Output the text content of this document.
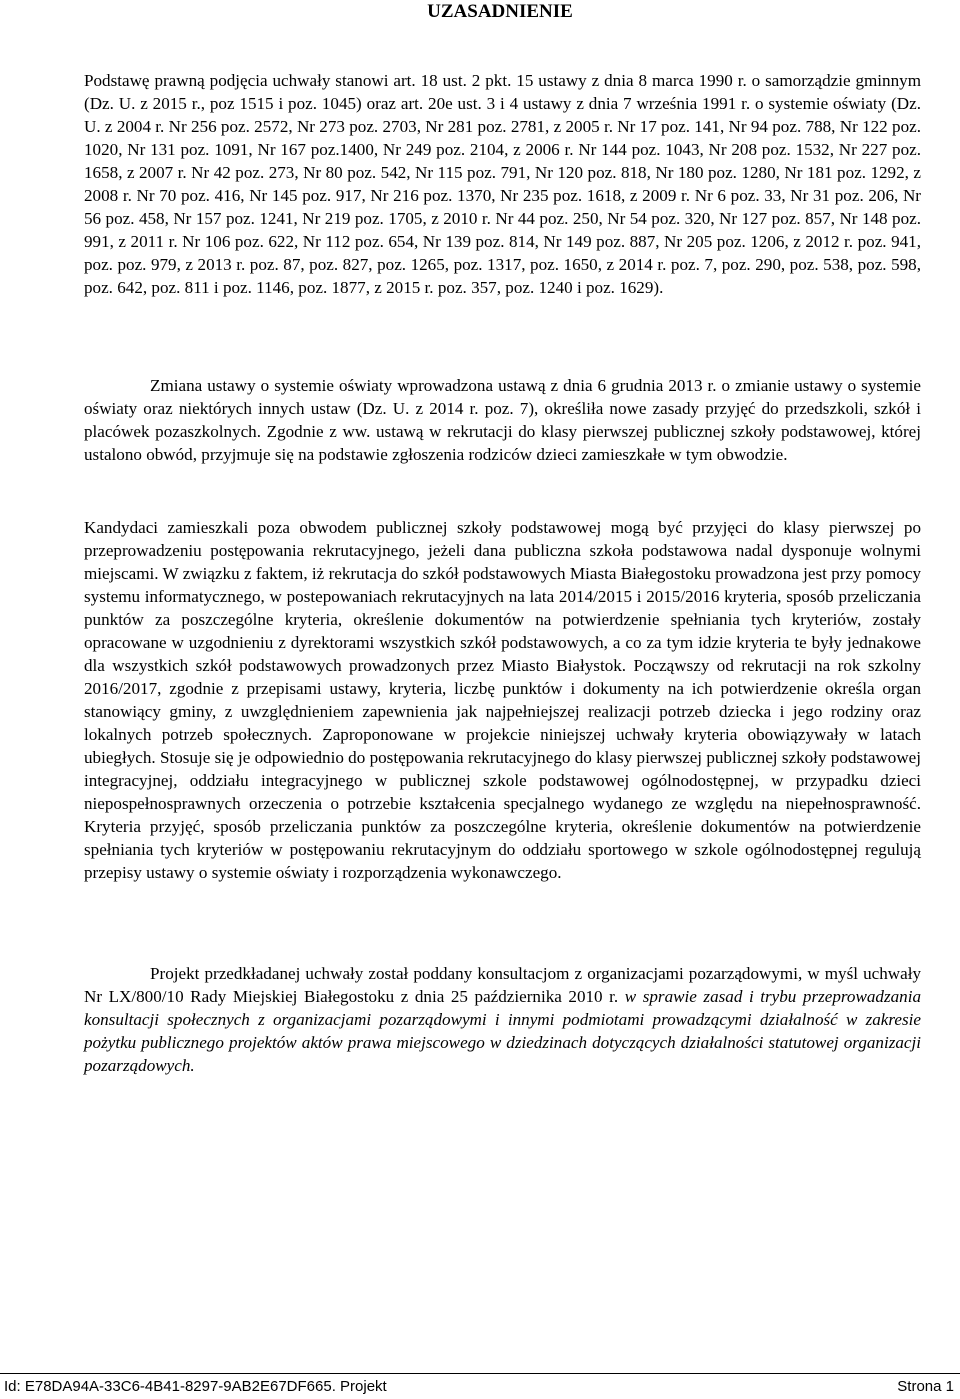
UZASADNIENIE

Podstawę prawną podjęcia uchwały stanowi art. 18 ust. 2 pkt. 15 ustawy z dnia 8 marca 1990 r. o samorządzie gminnym (Dz. U. z 2015 r., poz 1515 i poz. 1045) oraz art. 20e ust. 3 i 4 ustawy z dnia 7 września 1991 r. o systemie oświaty (Dz. U. z 2004 r. Nr 256 poz. 2572, Nr 273 poz. 2703, Nr 281 poz. 2781, z 2005 r. Nr 17 poz. 141, Nr 94 poz. 788, Nr 122 poz. 1020, Nr 131 poz. 1091, Nr 167 poz.1400, Nr 249 poz. 2104, z 2006 r. Nr 144 poz. 1043, Nr 208 poz. 1532, Nr 227 poz. 1658, z 2007 r. Nr 42 poz. 273, Nr 80 poz. 542, Nr 115 poz. 791, Nr 120 poz. 818, Nr 180 poz. 1280, Nr 181 poz. 1292, z 2008 r. Nr 70 poz. 416, Nr 145 poz. 917, Nr 216 poz. 1370, Nr 235 poz. 1618, z 2009 r. Nr 6 poz. 33, Nr 31 poz. 206, Nr 56 poz. 458, Nr 157 poz. 1241, Nr 219 poz. 1705, z 2010 r. Nr 44 poz. 250, Nr 54 poz. 320, Nr 127 poz. 857, Nr 148 poz. 991, z 2011 r. Nr 106 poz. 622, Nr 112 poz. 654, Nr 139 poz. 814, Nr 149 poz. 887, Nr 205 poz. 1206, z 2012 r. poz. 941, poz. poz. 979, z 2013 r. poz. 87, poz. 827, poz. 1265, poz. 1317, poz. 1650, z 2014 r. poz. 7, poz. 290, poz. 538, poz. 598, poz. 642, poz. 811 i poz. 1146, poz. 1877, z 2015 r. poz. 357, poz. 1240 i poz. 1629).

Zmiana ustawy o systemie oświaty wprowadzona ustawą z dnia 6 grudnia 2013 r. o zmianie ustawy o systemie oświaty oraz niektórych innych ustaw (Dz. U. z 2014 r. poz. 7), określiła nowe zasady przyjęć do przedszkoli, szkół i placówek pozaszkolnych. Zgodnie z ww. ustawą w rekrutacji do klasy pierwszej publicznej szkoły podstawowej, której ustalono obwód, przyjmuje się na podstawie zgłoszenia rodziców dzieci zamieszkałe w tym obwodzie.

Kandydaci zamieszkali poza obwodem publicznej szkoły podstawowej mogą być przyjęci do klasy pierwszej po przeprowadzeniu postępowania rekrutacyjnego, jeżeli dana publiczna szkoła podstawowa nadal dysponuje wolnymi miejscami. W związku z faktem, iż rekrutacja do szkół podstawowych Miasta Białegostoku prowadzona jest przy pomocy systemu informatycznego, w postepowaniach rekrutacyjnych na lata 2014/2015 i 2015/2016 kryteria, sposób przeliczania punktów za poszczególne kryteria, określenie dokumentów na potwierdzenie spełniania tych kryteriów, zostały opracowane w uzgodnieniu z dyrektorami wszystkich szkół podstawowych, a co za tym idzie kryteria te były jednakowe dla wszystkich szkół podstawowych prowadzonych przez Miasto Białystok. Począwszy od rekrutacji na rok szkolny 2016/2017, zgodnie z przepisami ustawy, kryteria, liczbę punktów i dokumenty na ich potwierdzenie określa organ stanowiący gminy, z uwzględnieniem zapewnienia jak najpełniejszej realizacji potrzeb dziecka i jego rodziny oraz lokalnych potrzeb społecznych. Zaproponowane w projekcie niniejszej uchwały kryteria obowiązywały w latach ubiegłych. Stosuje się je odpowiednio do postępowania rekrutacyjnego do klasy pierwszej publicznej szkoły podstawowej integracyjnej, oddziału integracyjnego w publicznej szkole podstawowej ogólnodostępnej, w przypadku dzieci niepospełnosprawnych orzeczenia o potrzebie kształcenia specjalnego wydanego ze względu na niepełnosprawność. Kryteria przyjęć, sposób przeliczania punktów za poszczególne kryteria, określenie dokumentów na potwierdzenie spełniania tych kryteriów w postępowaniu rekrutacyjnym do oddziału sportowego w szkole ogólnodostępnej regulują przepisy ustawy o systemie oświaty i rozporządzenia wykonawczego.

Projekt przedkładanej uchwały został poddany konsultacjom z organizacjami pozarządowymi, w myśl uchwały Nr LX/800/10 Rady Miejskiej Białegostoku z dnia 25 października 2010 r. w sprawie zasad i trybu przeprowadzania konsultacji społecznych z organizacjami pozarządowymi i innymi podmiotami prowadzącymi działalność w zakresie pożytku publicznego projektów aktów prawa miejscowego w dziedzinach dotyczących działalności statutowej organizacji pozarządowych.

Id: E78DA94A-33C6-4B41-8297-9AB2E67DF665. Projekt	Strona 1
